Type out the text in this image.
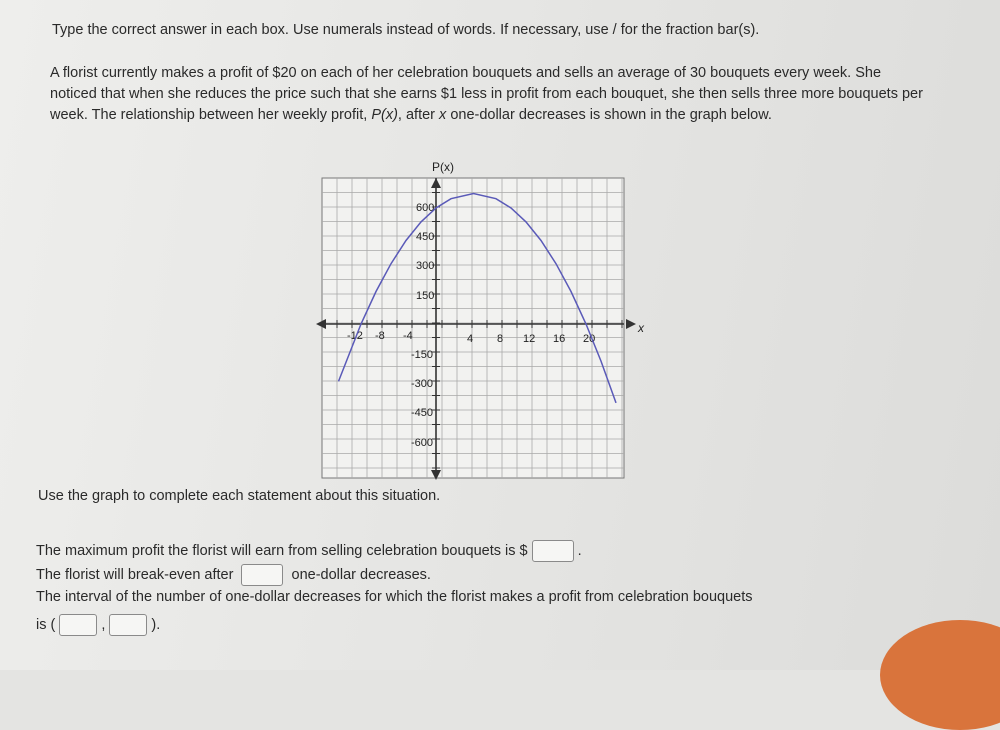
Type the correct answer in each box. Use numerals instead of words. If necessary, use / for the fraction bar(s).
A florist currently makes a profit of $20 on each of her celebration bouquets and sells an average of 30 bouquets every week. She noticed that when she reduces the price such that she earns $1 less in profit from each bouquet, she then sells three more bouquets per week. The relationship between her weekly profit, P(x), after x one-dollar decreases is shown in the graph below.
x
P(x)
-12 -8 -4	4 8 12 16 20
600
450
300
150
-150
-300
-450
-600
Use the graph to complete each statement about this situation.
The maximum profit the florist will earn from selling celebration bouquets is $	.
The florist will break-even after	one-dollar decreases.
The interval of the number of one-dollar decreases for which the florist makes a profit from celebration bouquets
is (	,	).
